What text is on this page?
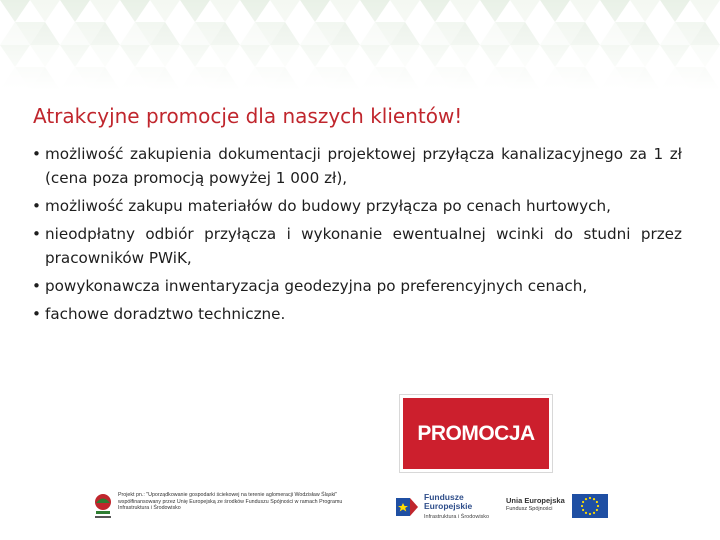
Atrakcyjne promocje dla naszych klientów!
• możliwość zakupienia dokumentacji projektowej przyłącza kanalizacyjnego za 1 zł (cena poza promocją powyżej 1 000 zł),
• możliwość zakupu materiałów do budowy przyłącza po cenach hurtowych,
• nieodpłatny odbiór przyłącza i wykonanie ewentualnej wcinki do studni przez pracowników PWiK,
• powykonawcza inwentaryzacja geodezyjna po preferencyjnych cenach,
• fachowe doradztwo techniczne.
PROMOCJA
Projekt pn.: "Uporządkowanie gospodarki ściekowej na terenie aglomeracji Wodzisław Śląski" współfinansowany przez Unię Europejską ze środków Funduszu Spójności w ramach Programu Infrastruktura i Środowisko
Fundusze
Europejskie
Infrastruktura i Środowisko
Unia Europejska
Fundusz Spójności
